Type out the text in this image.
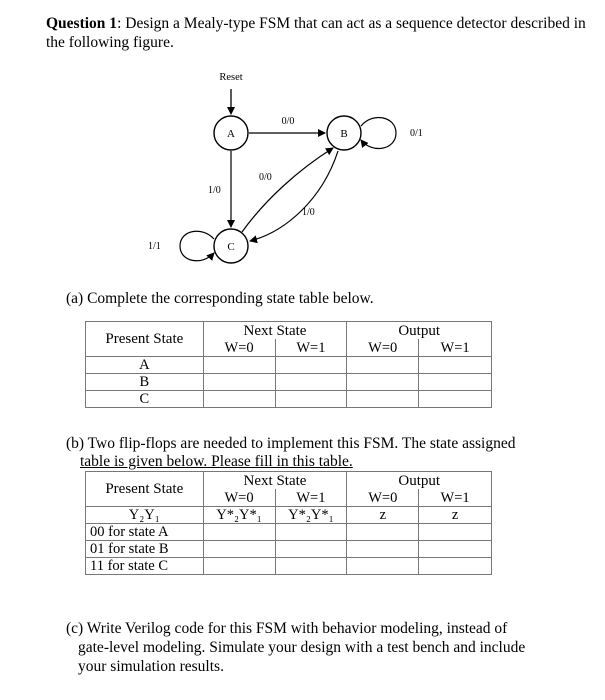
Question 1: Design a Mealy-type FSM that can act as a sequence detector described in the following figure.
Reset
A	B
C
0/0
0/1
1/0
0/0
1/0
1/1
(a) Complete the corresponding state table below.
Present State	Next State		Output	
	W=0	W=1	W=0	W=1
A				
B				
C				
(b) Two flip-flops are needed to implement this FSM. The state assigned
table is given below. Please fill in this table.
Present State	Next State		Output	
	W=0	W=1	W=0	W=1
Y₂Y₁	Y*₂Y*₁	Y*₂Y*₁	z	z
00 for state A				
01 for state B				
11 for state C				
(c) Write Verilog code for this FSM with behavior modeling, instead of
gate-level modeling. Simulate your design with a test bench and include
your simulation results.
